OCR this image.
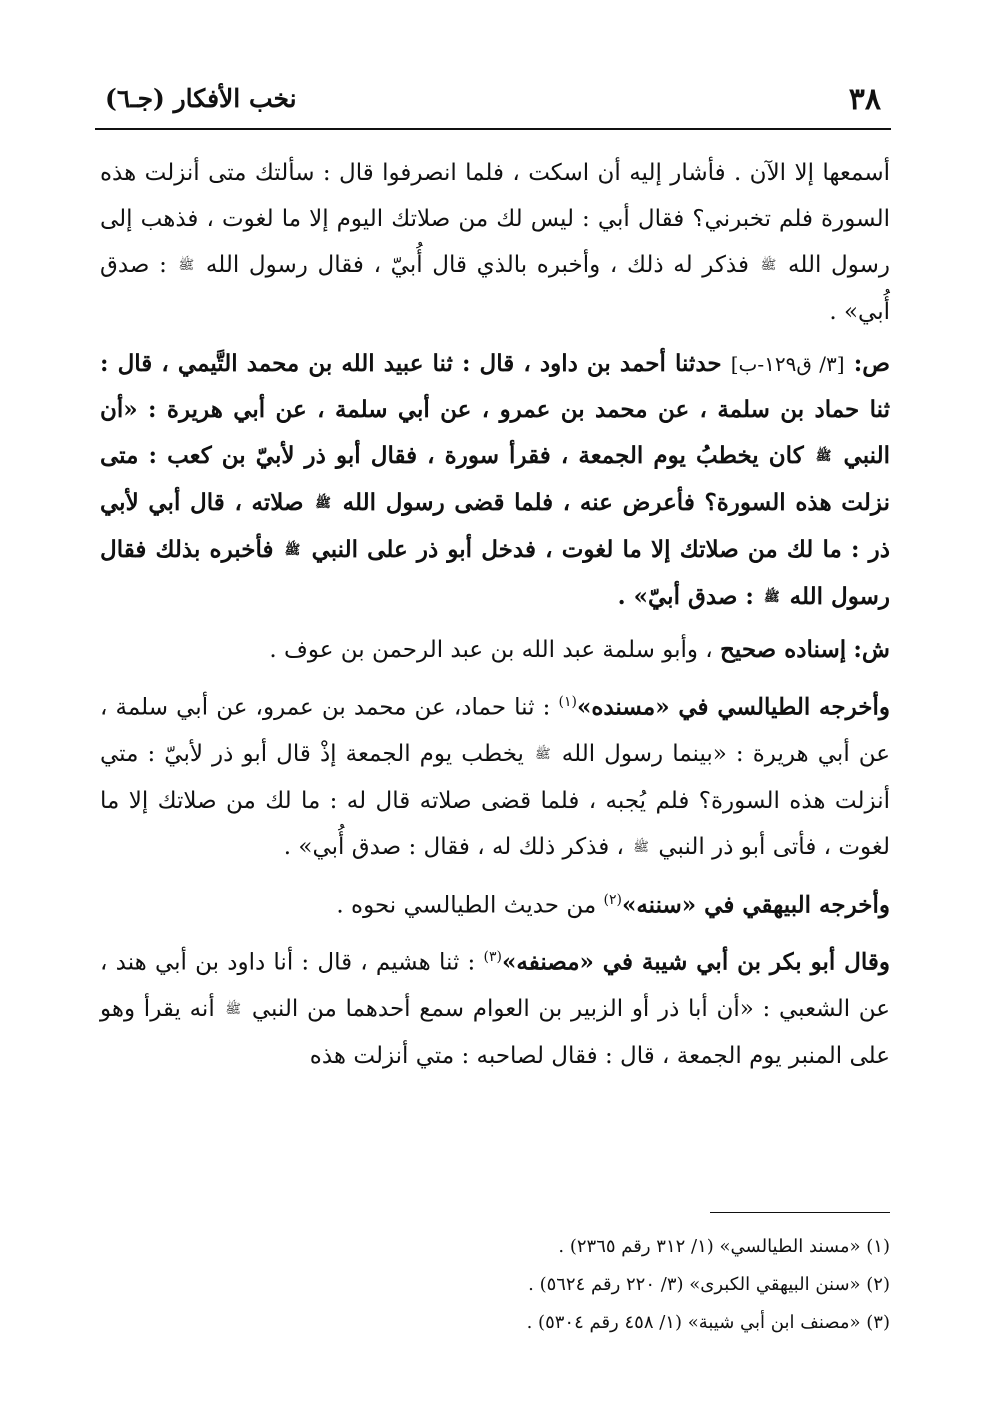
٣٨
نخب الأفكار (جـ٦)

أسمعها إلا الآن . فأشار إليه أن اسكت ، فلما انصرفوا قال : سألتك متى أنزلت هذه السورة فلم تخبرني؟ فقال أبي : ليس لك من صلاتك اليوم إلا ما لغوت ، فذهب إلى رسول الله ﷺ فذكر له ذلك ، وأخبره بالذي قال أُبيّ ، فقال رسول الله ﷺ : صدق أُبي» .

ص: [٣/ ق١٢٩-ب] حدثنا أحمد بن داود ، قال : ثنا عبيد الله بن محمد التَّيمي ، قال : ثنا حماد بن سلمة ، عن محمد بن عمرو ، عن أبي سلمة ، عن أبي هريرة : «أن النبي ﷺ كان يخطبُ يوم الجمعة ، فقرأ سورة ، فقال أبو ذر لأبيّ بن كعب : متى نزلت هذه السورة؟ فأعرض عنه ، فلما قضى رسول الله ﷺ صلاته ، قال أبي لأبي ذر : ما لك من صلاتك إلا ما لغوت ، فدخل أبو ذر على النبي ﷺ فأخبره بذلك فقال رسول الله ﷺ : صدق أبيّ» .

ش: إسناده صحيح ، وأبو سلمة عبد الله بن عبد الرحمن بن عوف .

وأخرجه الطيالسي في «مسنده»$^{(١)}$ : ثنا حماد، عن محمد بن عمرو، عن أبي سلمة ، عن أبي هريرة : «بينما رسول الله ﷺ يخطب يوم الجمعة إذْ قال أبو ذر لأبيّ : متي أنزلت هذه السورة؟ فلم يُجبه ، فلما قضى صلاته قال له : ما لك من صلاتك إلا ما لغوت ، فأتى أبو ذر النبي ﷺ ، فذكر ذلك له ، فقال : صدق أُبي» .

وأخرجه البيهقي في «سننه»$^{(٢)}$ من حديث الطيالسي نحوه .

وقال أبو بكر بن أبي شيبة في «مصنفه»$^{(٣)}$ : ثنا هشيم ، قال : أنا داود بن أبي هند ، عن الشعبي : «أن أبا ذر أو الزبير بن العوام سمع أحدهما من النبي ﷺ أنه يقرأ وهو على المنبر يوم الجمعة ، قال : فقال لصاحبه : متي أنزلت هذه

(١) «مسند الطيالسي» (١/ ٣١٢ رقم ٢٣٦٥) .

(٢) «سنن البيهقي الكبرى» (٣/ ٢٢٠ رقم ٥٦٢٤) .

(٣) «مصنف ابن أبي شيبة» (١/ ٤٥٨ رقم ٥٣٠٤) .
